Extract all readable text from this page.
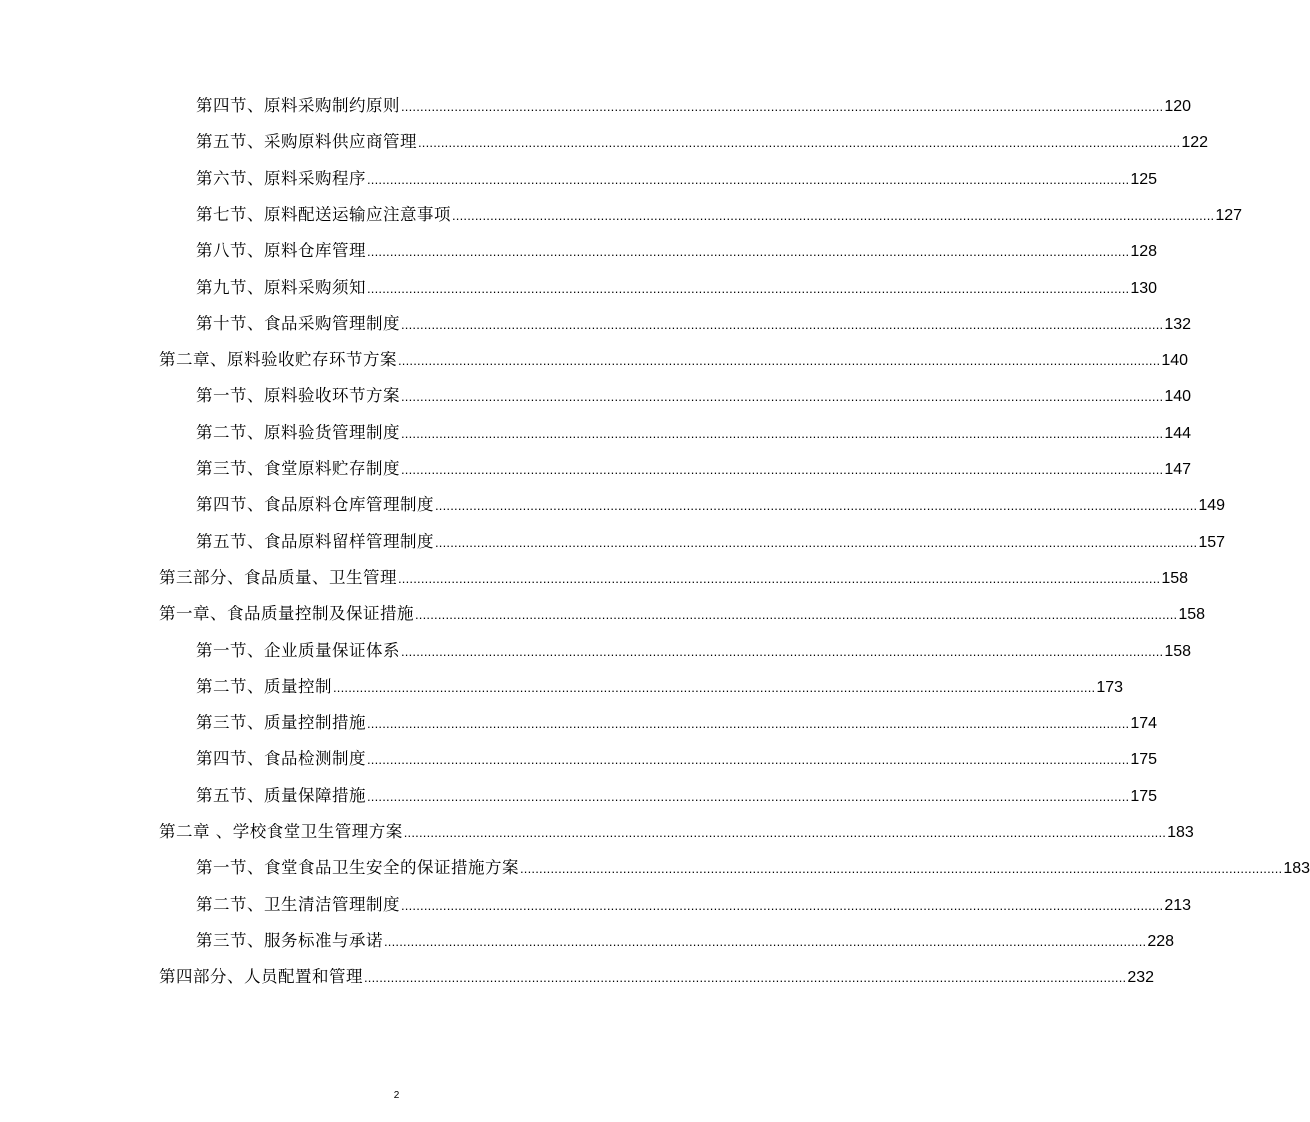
第四节、原料采购制约原则 ........................................................................................................................................................................................................ 120
第五节、采购原料供应商管理 ........................................................................................................................................................................................................ 122
第六节、原料采购程序 ........................................................................................................................................................................................................ 125
第七节、原料配送运输应注意事项 ........................................................................................................................................................................................................ 127
第八节、原料仓库管理 ........................................................................................................................................................................................................ 128
第九节、原料采购须知 ........................................................................................................................................................................................................ 130
第十节、食品采购管理制度 ........................................................................................................................................................................................................ 132
第二章、原料验收贮存环节方案 ........................................................................................................................................................................................................ 140
第一节、原料验收环节方案 ........................................................................................................................................................................................................ 140
第二节、原料验货管理制度 ........................................................................................................................................................................................................ 144
第三节、食堂原料贮存制度 ........................................................................................................................................................................................................ 147
第四节、食品原料仓库管理制度 ........................................................................................................................................................................................................ 149
第五节、食品原料留样管理制度 ........................................................................................................................................................................................................ 157
第三部分、食品质量、卫生管理 ........................................................................................................................................................................................................ 158
第一章、食品质量控制及保证措施 ........................................................................................................................................................................................................ 158
第一节、企业质量保证体系 ........................................................................................................................................................................................................ 158
第二节、质量控制 ........................................................................................................................................................................................................ 173
第三节、质量控制措施 ........................................................................................................................................................................................................ 174
第四节、食品检测制度 ........................................................................................................................................................................................................ 175
第五节、质量保障措施 ........................................................................................................................................................................................................ 175
第二章 、学校食堂卫生管理方案 ........................................................................................................................................................................................................ 183
第一节、食堂食品卫生安全的保证措施方案 ........................................................................................................................................................................................................ 183
第二节、卫生清洁管理制度 ........................................................................................................................................................................................................ 213
第三节、服务标准与承诺 ........................................................................................................................................................................................................ 228
第四部分、人员配置和管理 ........................................................................................................................................................................................................ 232
2
